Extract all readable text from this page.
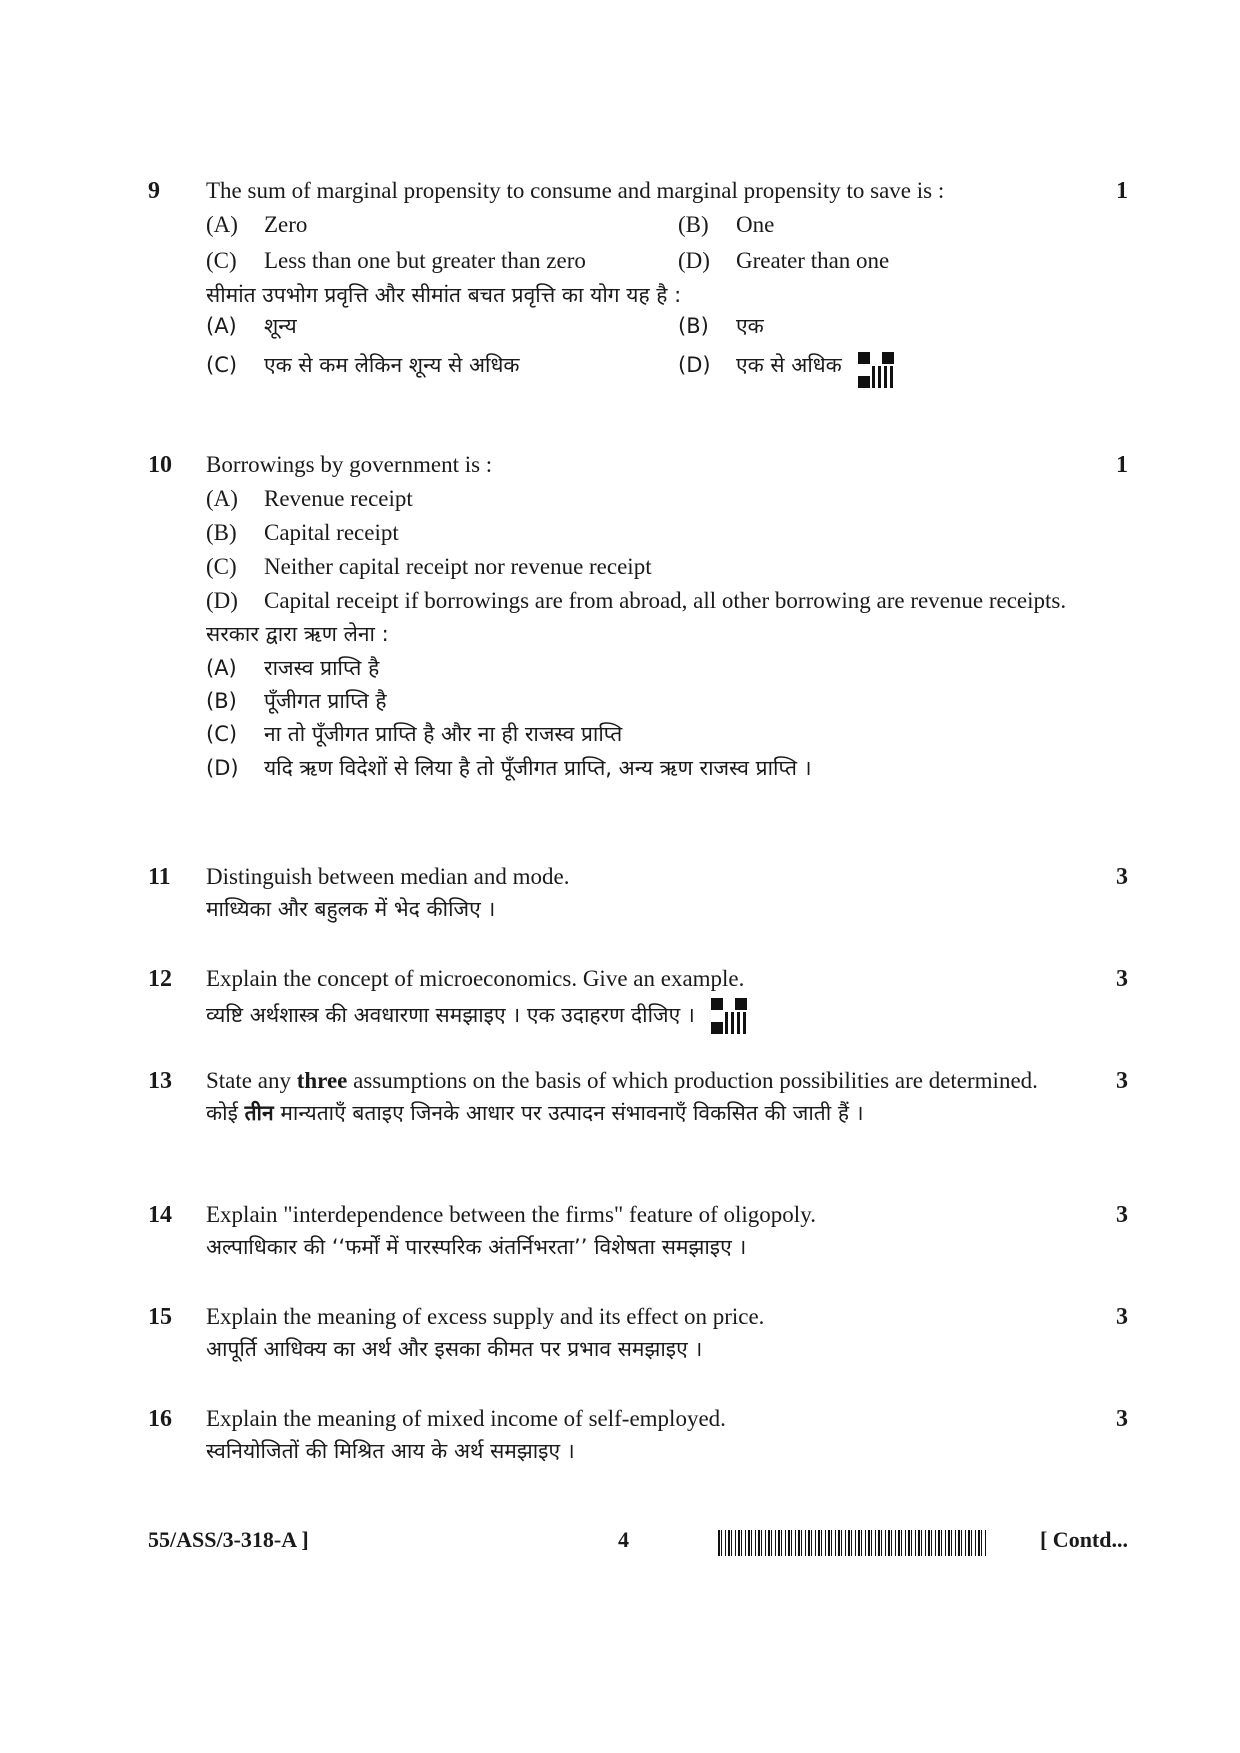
9	1
The sum of marginal propensity to consume and marginal propensity to save is :
(A)	Zero	(B)	One
(C)	Less than one but greater than zero	(D)	Greater than one
सीमांत उपभोग प्रवृत्ति और सीमांत बचत प्रवृत्ति का योग यह है :
(A)	शून्य	(B)	एक
(C)	एक से कम लेकिन शून्य से अधिक	(D)	एक से अधिक
10	1
Borrowings by government is :
(A)	Revenue receipt
(B)	Capital receipt
(C)	Neither capital receipt nor revenue receipt
(D)	Capital receipt if borrowings are from abroad, all other borrowing are revenue receipts.
सरकार द्वारा ऋण लेना :
(A)	राजस्व प्राप्ति है
(B)	पूँजीगत प्राप्ति है
(C)	ना तो पूँजीगत प्राप्ति है और ना ही राजस्व प्राप्ति
(D)	यदि ऋण विदेशों से लिया है तो पूँजीगत प्राप्ति, अन्य ऋण राजस्व प्राप्ति ।
11	3
Distinguish between median and mode.
माध्यिका और बहुलक में भेद कीजिए ।
12	3
Explain the concept of microeconomics. Give an example.
व्यष्टि अर्थशास्त्र की अवधारणा समझाइए । एक उदाहरण दीजिए ।
13	3
State any three assumptions on the basis of which production possibilities are determined.
कोई तीन मान्यताएँ बताइए जिनके आधार पर उत्पादन संभावनाएँ विकसित की जाती हैं ।
14	3
Explain "interdependence between the firms" feature of oligopoly.
अल्पाधिकार की ‘‘फर्मों में पारस्परिक अंतर्निभरता’’ विशेषता समझाइए ।
15	3
Explain the meaning of excess supply and its effect on price.
आपूर्ति आधिक्य का अर्थ और इसका कीमत पर प्रभाव समझाइए ।
16	3
Explain the meaning of mixed income of self-employed.
स्वनियोजितों की मिश्रित आय के अर्थ समझाइए ।
55/ASS/3-318-A ]	4	[ Contd...
